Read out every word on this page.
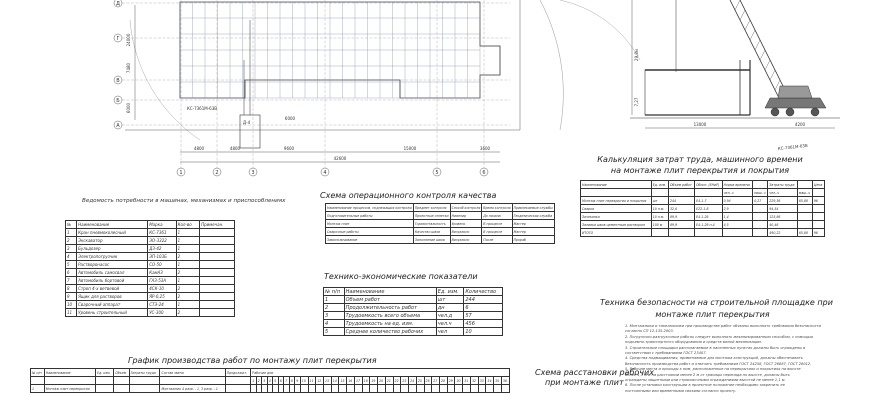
Д
Г
В
Б
A
1	2	3	4	5	6
4800	4800	9600	15000	3600
42600
6000
24000
7480
6000	КС-7361М-63В
Д-4
29,8м
7,27
13000	4200
КС-7361М-63В
Ведомость потребности в машинах, механизмах и приспособлениях
№	Наименование	Марка	Кол-во	Примечан.
1	Кран пневмоколесный	КС-7361	1	
2	Экскаватор	ЭО-3322	1	
3	Бульдозер	ДЗ-42	1	
4	Электропогрузчик	ЭП-103Б	2	
5	Растворонасос	СО-50	1	
6	Автомобиль самосвал	КамАЗ	2	
7	Автомобиль бортовой	ГАЗ-53А	1	
8	Строп 4-х ветвевой	4СК-10	2	
9	Ящик для растворов	ЯР-0,25	2	
10	Сварочный аппарат	СТЭ-24	1	
11	Уровень строительный	УС-300	2	
Схема операционного контроля качества
Наименование процессов, подлежащих контролю	Предмет контроля	Способ контроля	Время контроля	Привлекаемые службы
Подготовительные работы	Проектные отметки	Нивелир	До начала	Геодезическая служба
Монтаж плит	Горизонтальность	Уровень	В процессе	Мастер
Сварочные работы	Качество швов	Визуально	В процессе	Мастер
Замоноличивание	Заполнение швов	Визуально	После	Прораб
Технико-экономические показатели
№ п/п	Наименование	Ед. изм.	Количество
1	Объем работ	шт	244
2	Продолжительность работ	дн	6
3	Трудоемкость всего объема	чел.д	57
4	Трудоемкость на ед. изм.	чел.ч	456
5	Среднее количество рабочих	чел	10
Калькуляция затрат труда, машинного времени
на монтаже плит перекрытия и покрытия
Наименование	Ед. изм.	Объем работ	Обосн. (ЕНиР)	Норма времени		Затраты труда		Цена
				чел.-ч	маш.-ч	чел.-ч	маш.-ч	
Монтаж плит перекрытия и покрытия	шт	244	Е4-1-7	0,94	0,27	229,36	65,88	96
Сварка	10 п.м.	32,6	Е22-1-6	2,9		94,54		
Зачеканка	10 п.м.	89,9	Е4-1-26	1,4		125,86		
Заливка швов цементным раствором	100 м	89,9	Е4-1-26 п.4	4,5		40,46		
ИТОГО						490,22	65,88	96
Техника безопасности на строительной площадке при
монтаже плит перекрытия
1. Монтажники и такелажники при производстве работ обязаны выполнять требования безопасности
согласно СП 12-135-2003.
2. Погрузочно-разгрузочные работы следует выполнять механизированным способом, с помощью
подъемно-транспортного оборудования и средств малой механизации.
3. Строительные площадки располагаемые в населенных пунктах должны быть ограждены в
соответствии с требованиями ГОСТ 23407.
4. Средства подмащивания, применяемые для монтажа конструкций, должны обеспечивать
безопасность производства работ и отвечать требованиям ГОСТ 24258, ГОСТ 26887, ГОСТ 28012.
5. Рабочие места и проходы к ним, расположенные на перекрытиях и покрытиях на высоте
более 1,3 м и на расстоянии менее 2 м от границы перепада по высоте, должны быть
ограждены защитными или страховочными ограждениями высотой не менее 1,1 м.
6. После установки конструкции в проектное положение необходимо закрепить ее
постоянными или временными связями согласно проекту.
График производства работ по монтажу плит перекрытия
№ п/п	Наименование	Ед. изм.	Объем	Затраты труда	Состав звена	Продолжит.	Рабочие дни																																			
							1	2	3	4	5	6	7	8	9	10	11	12	13	14	15	16	17	18	19	20	21	22	23	24	25	26	27	28	29	30	31	32	33	34	35	36
1	Монтаж плит перекрытия				Монтажник 4 разр. - 1, 3 разр. - 1																																					
Схема расстановки рабочих
при монтаже плит
